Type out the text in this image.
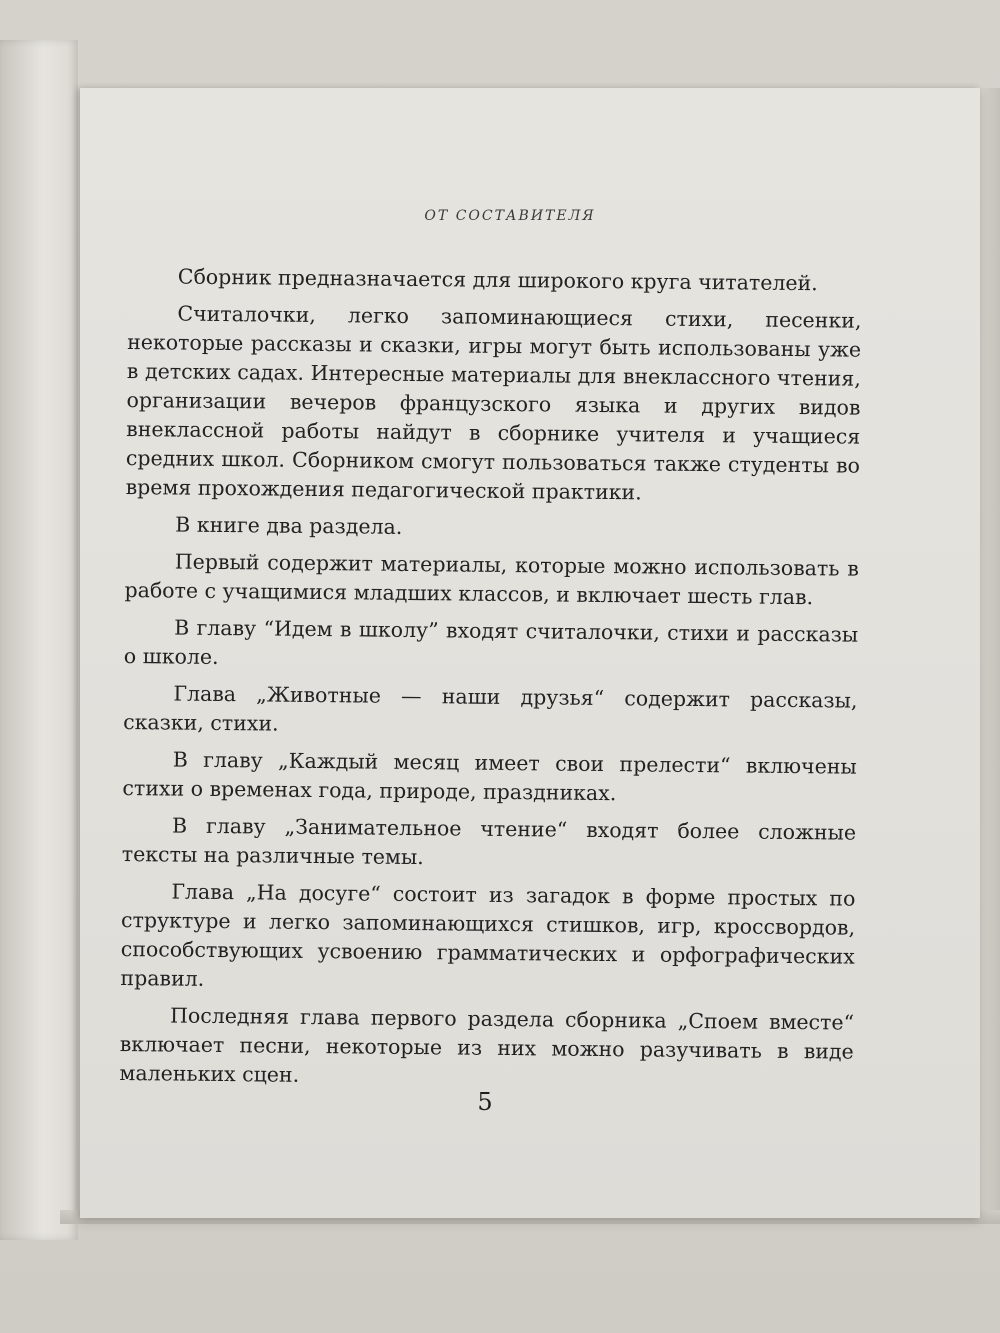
ОТ СОСТАВИТЕЛЯ

Сборник предназначается для широкого круга читателей.

Считалочки, легко запоминающиеся стихи, песенки, некоторые рассказы и сказки, игры могут быть использованы уже в детских садах. Интересные материалы для внеклассного чтения, организации вечеров французского языка и других видов внеклассной работы найдут в сборнике учителя и учащиеся средних школ. Сборником смогут пользоваться также студенты во время прохождения педагогической практики.

В книге два раздела.

Первый содержит материалы, которые можно использовать в работе с учащимися младших классов, и включает шесть глав.

В главу “Идем в школу” входят считалочки, стихи и рассказы о школе.

Глава „Животные — наши друзья“ содержит рассказы, сказки, стихи.

В главу „Каждый месяц имеет свои прелести“ включены стихи о временах года, природе, праздниках.

В главу „Занимательное чтение“ входят более сложные тексты на различные темы.

Глава „На досуге“ состоит из загадок в форме простых по структуре и легко запоминающихся стишков, игр, кроссвордов, способствующих усвоению грамматических и орфографических правил.

Последняя глава первого раздела сборника „Споем вместе“ включает песни, некоторые из них можно разучивать в виде маленьких сцен.

5
